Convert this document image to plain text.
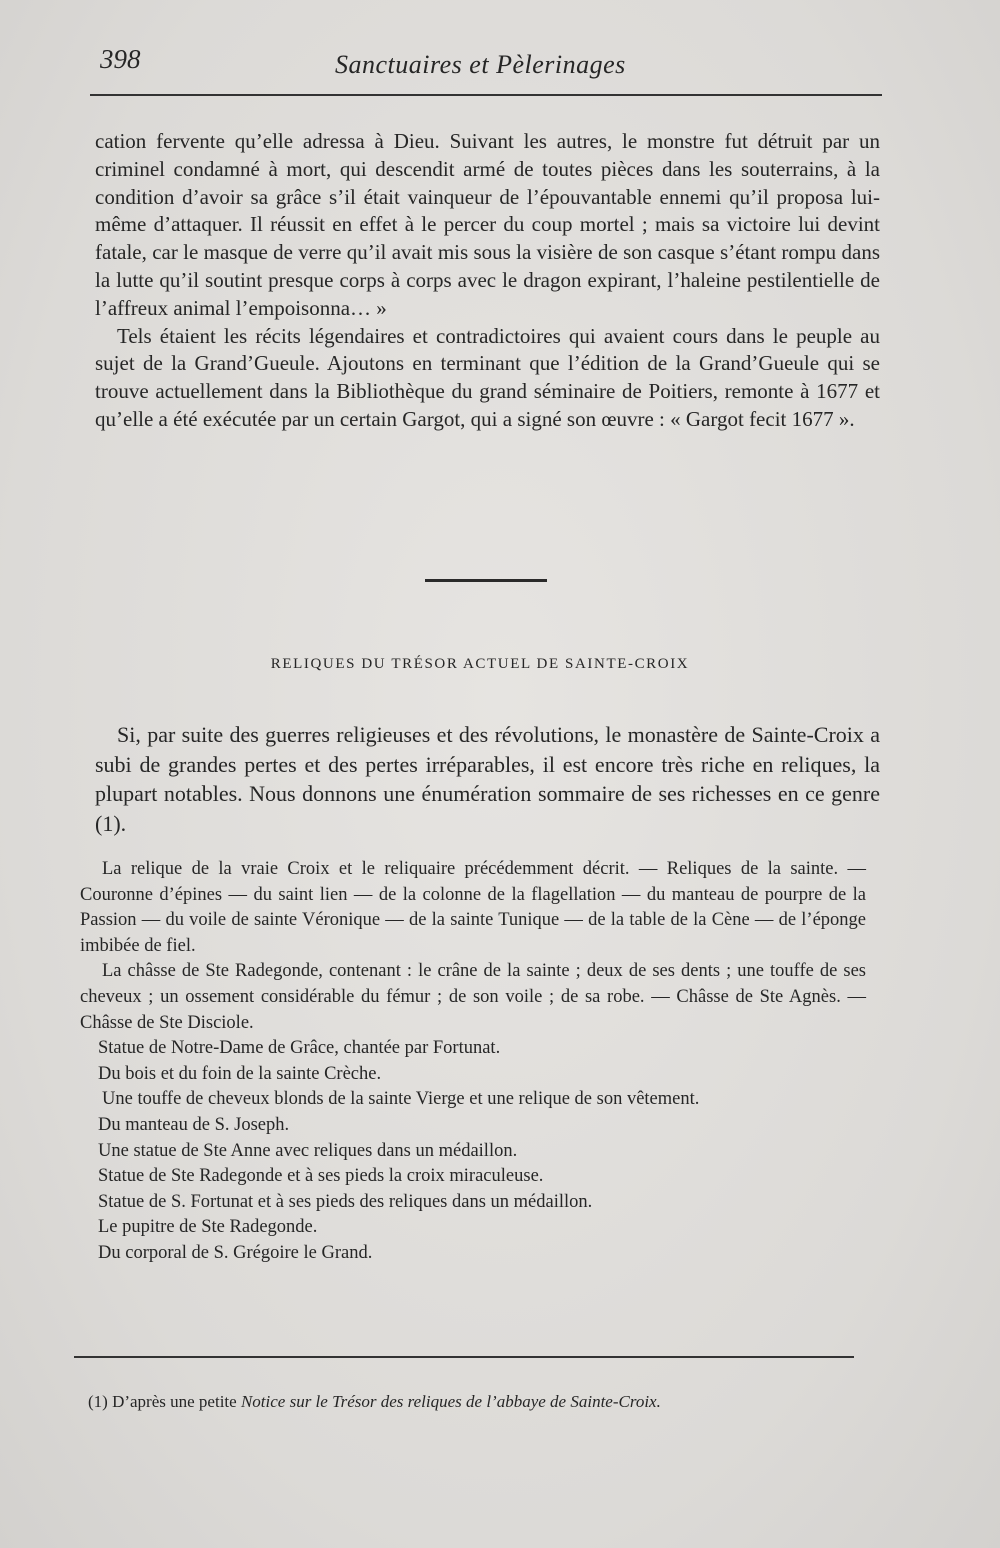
398	Sanctuaires et Pèlerinages

cation fervente qu’elle adressa à Dieu. Suivant les autres, le monstre fut détruit par un criminel condamné à mort, qui descendit armé de toutes pièces dans les souterrains, à la condition d’avoir sa grâce s’il était vainqueur de l’épouvantable ennemi qu’il proposa lui-même d’attaquer. Il réussit en effet à le percer du coup mortel ; mais sa victoire lui devint fatale, car le masque de verre qu’il avait mis sous la visière de son casque s’étant rompu dans la lutte qu’il soutint presque corps à corps avec le dragon expirant, l’haleine pestilentielle de l’affreux animal l’empoisonna… »

Tels étaient les récits légendaires et contradictoires qui avaient cours dans le peuple au sujet de la Grand’Gueule. Ajoutons en terminant que l’édition de la Grand’Gueule qui se trouve actuellement dans la Bibliothèque du grand séminaire de Poitiers, remonte à 1677 et qu’elle a été exécutée par un certain Gargot, qui a signé son œuvre : « Gargot fecit 1677 ».

RELIQUES DU TRÉSOR ACTUEL DE SAINTE-CROIX

Si, par suite des guerres religieuses et des révolutions, le monastère de Sainte-Croix a subi de grandes pertes et des pertes irréparables, il est encore très riche en reliques, la plupart notables. Nous donnons une énumération sommaire de ses richesses en ce genre (1).

La relique de la vraie Croix et le reliquaire précédemment décrit. — Reliques de la sainte. — Couronne d’épines — du saint lien — de la colonne de la flagellation — du manteau de pourpre de la Passion — du voile de sainte Véronique — de la sainte Tunique — de la table de la Cène — de l’éponge imbibée de fiel.

La châsse de Ste Radegonde, contenant : le crâne de la sainte ; deux de ses dents ; une touffe de ses cheveux ; un ossement considérable du fémur ; de son voile ; de sa robe. — Châsse de Ste Agnès. — Châsse de Ste Disciole.

Statue de Notre-Dame de Grâce, chantée par Fortunat.

Du bois et du foin de la sainte Crèche.

Une touffe de cheveux blonds de la sainte Vierge et une relique de son vêtement.

Du manteau de S. Joseph.

Une statue de Ste Anne avec reliques dans un médaillon.

Statue de Ste Radegonde et à ses pieds la croix miraculeuse.

Statue de S. Fortunat et à ses pieds des reliques dans un médaillon.

Le pupitre de Ste Radegonde.

Du corporal de S. Grégoire le Grand.

(1) D’après une petite Notice sur le Trésor des reliques de l’abbaye de Sainte-Croix.
